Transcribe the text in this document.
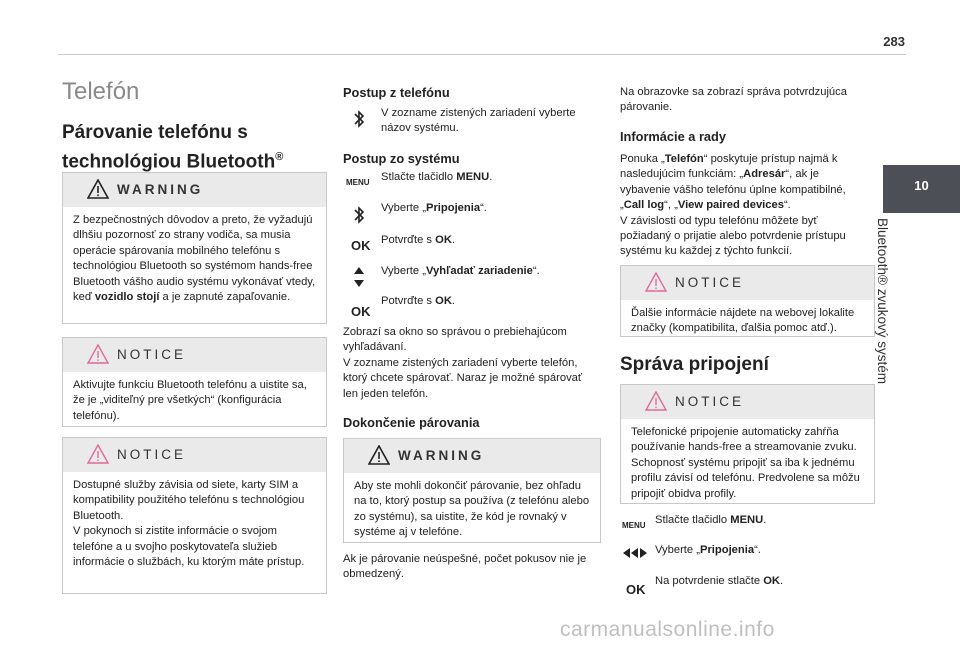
283
10
Bluetooth® zvukový systém
Telefón
Párovanie telefónu s
technológiou Bluetooth®
WARNING
Z bezpečnostných dôvodov a preto, že vyžadujú dlhšiu pozornosť zo strany vodiča, sa musia operácie spárovania mobilného telefónu s technológiou Bluetooth so systémom hands-free Bluetooth vášho audio systému vykonávať vtedy, keď vozidlo stojí a je zapnuté zapaľovanie.
NOTICE
Aktivujte funkciu Bluetooth telefónu a uistite sa, že je „viditeľný pre všetkých“ (konfigurácia telefónu).
NOTICE
Dostupné služby závisia od siete, karty SIM a kompatibility použitého telefónu s technológiou Bluetooth.
V pokynoch si zistite informácie o svojom telefóne a u svojho poskytovateľa služieb informácie o službách, ku ktorým máte prístup.
Postup z telefónu
V zozname zistených zariadení vyberte názov systému.
Postup zo systému
MENU Stlačte tlačidlo MENU.
Vyberte „Pripojenia“.
OK Potvrďte s OK.
Vyberte „Vyhľadať zariadenie“.
OK
Potvrďte s OK.
Zobrazí sa okno so správou o prebiehajúcom vyhľadávaní.
V zozname zistených zariadení vyberte telefón, ktorý chcete spárovať. Naraz je možné spárovať len jeden telefón.
Dokončenie párovania
WARNING
Aby ste mohli dokončiť párovanie, bez ohľadu na to, ktorý postup sa používa (z telefónu alebo zo systému), sa uistite, že kód je rovnaký v systéme aj v telefóne.
Ak je párovanie neúspešné, počet pokusov nie je obmedzený.
Na obrazovke sa zobrazí správa potvrdzujúca párovanie.
Informácie a rady
Ponuka „Telefón“ poskytuje prístup najmä k nasledujúcim funkciám: „Adresár“, ak je vybavenie vášho telefónu úplne kompatibilné, „Call log“, „View paired devices“.
V závislosti od typu telefónu môžete byť požiadaný o prijatie alebo potvrdenie prístupu systému ku každej z týchto funkcií.
NOTICE
Ďalšie informácie nájdete na webovej lokalite značky (kompatibilita, ďalšia pomoc atď.).
Správa pripojení
NOTICE
Telefonické pripojenie automaticky zahŕňa používanie hands-free a streamovanie zvuku.
Schopnosť systému pripojiť sa iba k jednému profilu závisí od telefónu. Predvolene sa môžu pripojiť obidva profily.
MENU Stlačte tlačidlo MENU.
Vyberte „Pripojenia“.
OK
Na potvrdenie stlačte OK.
carmanualsonline.info
